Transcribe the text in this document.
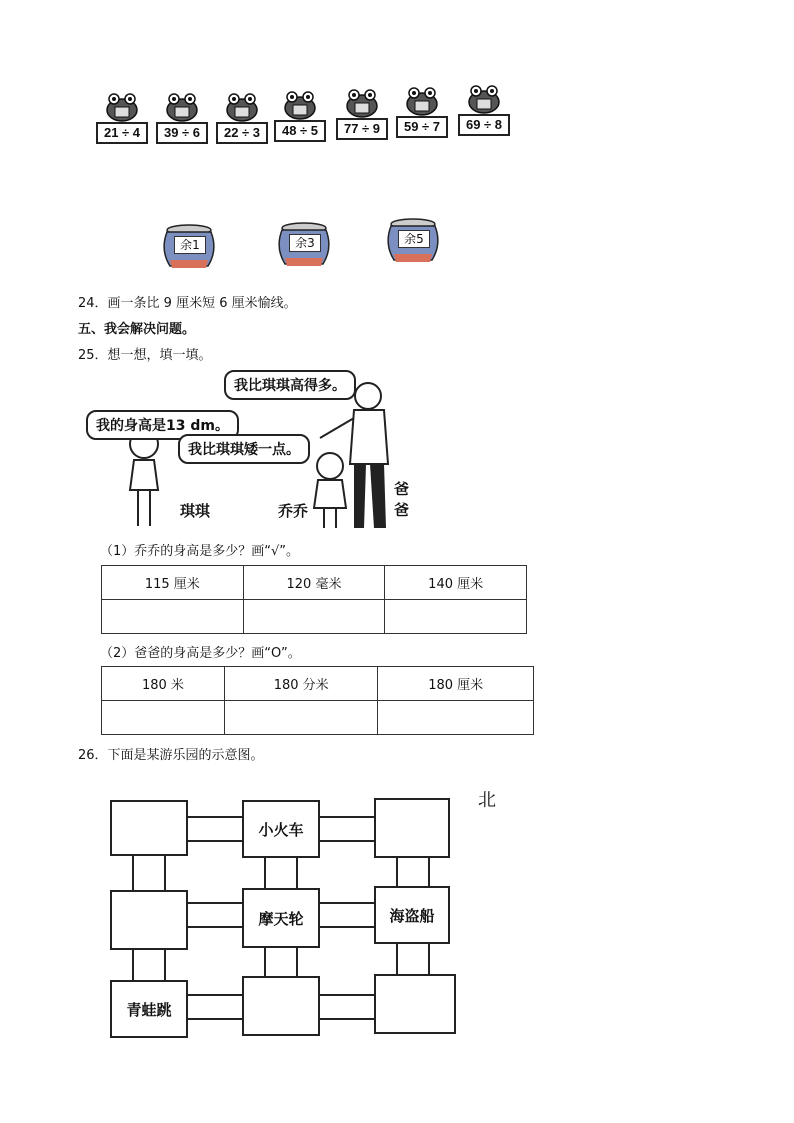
21 ÷ 4	39 ÷ 6	22 ÷ 3	48 ÷ 5	77 ÷ 9	59 ÷ 7	69 ÷ 8
余1	余3	余5
24．画一条比 9 厘米短 6 厘米愉线。
五、我会解决问题。
25．想一想，填一填。
我比琪琪高得多。
我的身高是13 dm。
我比琪琪矮一点。
琪琪	乔乔
爸爸
（1）乔乔的身高是多少？画“√”。
115 厘米	120 毫米	140 厘米

（2）爸爸的身高是多少？画“O”。
180 米	180 分米	180 厘米

26．下面是某游乐园的示意图。
北
小火车
摩天轮	海盗船
青蛙跳
